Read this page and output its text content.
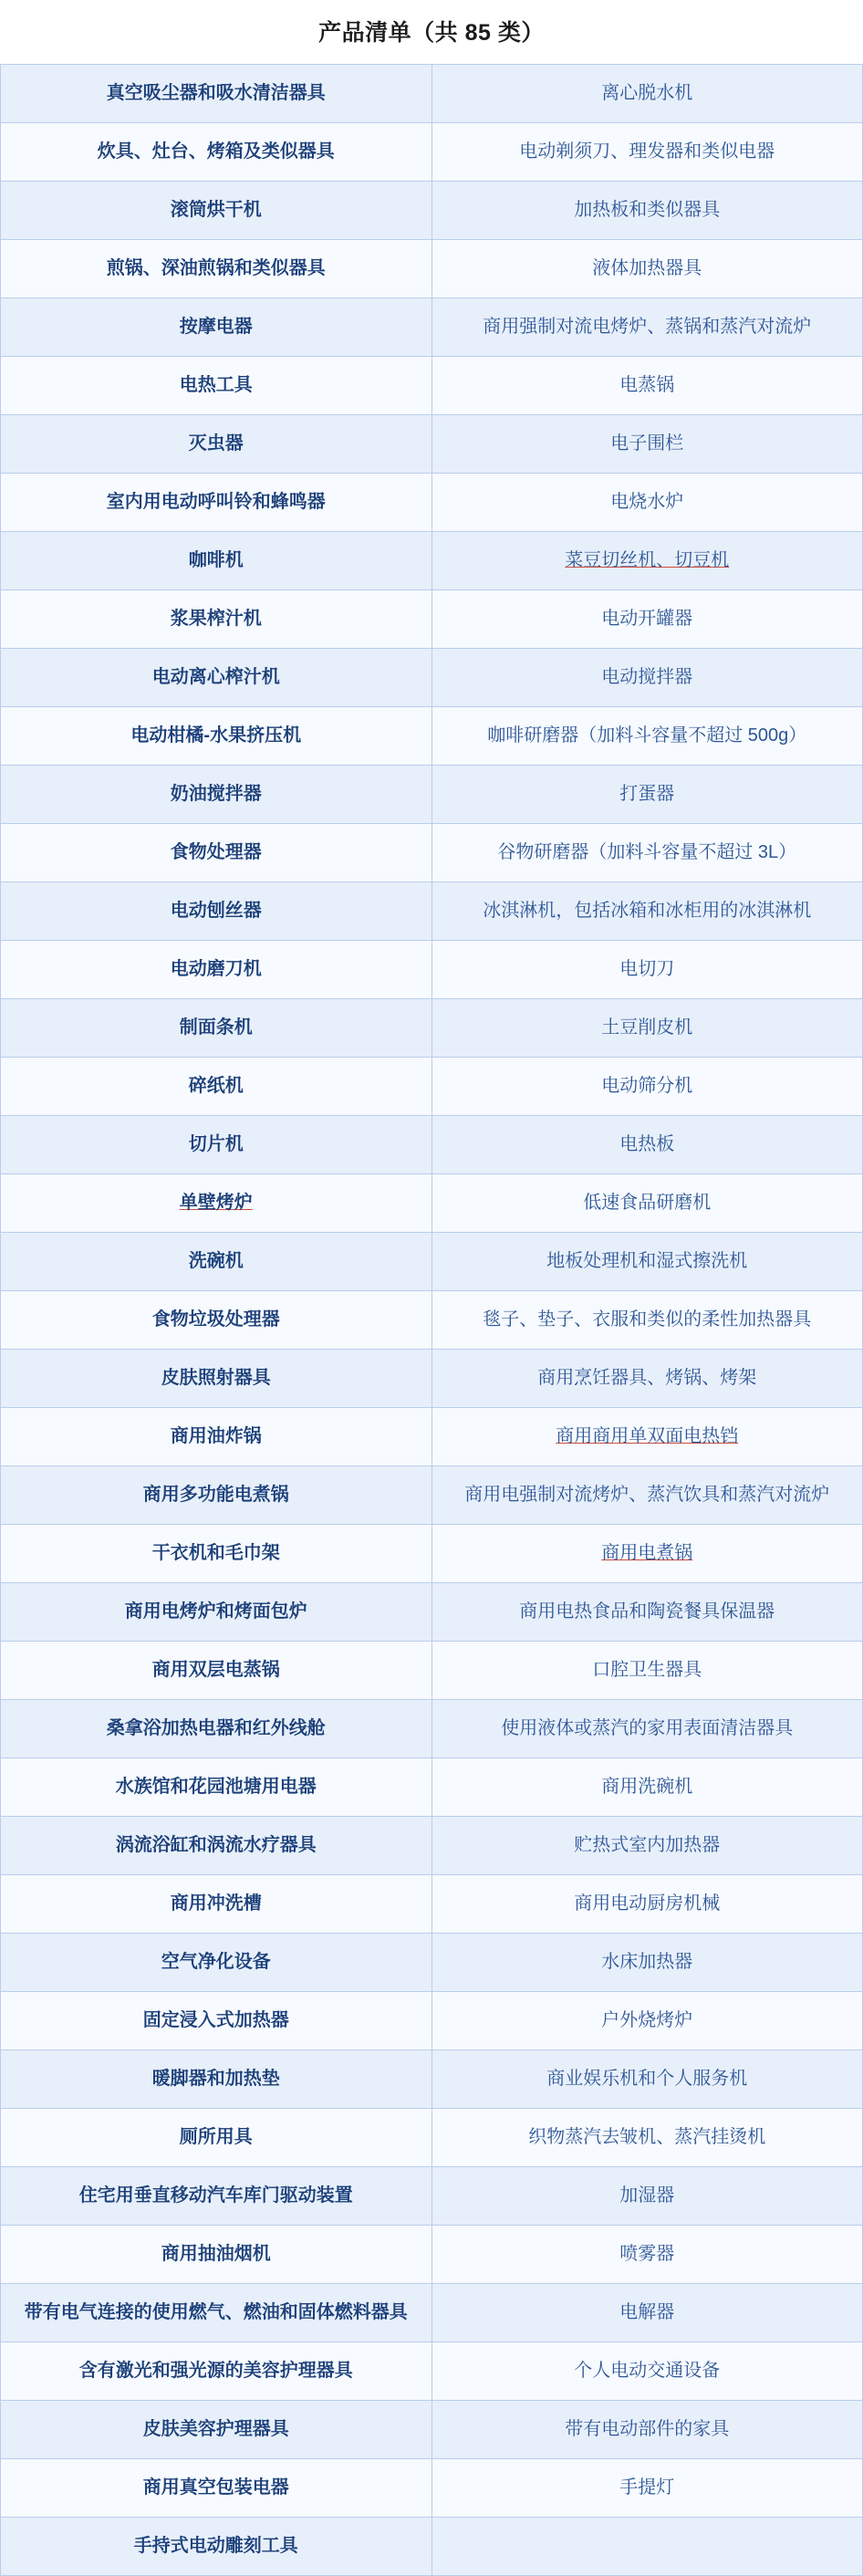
产品清单（共 85 类）
真空吸尘器和吸水清洁器具	离心脱水机
炊具、灶台、烤箱及类似器具	电动剃须刀、理发器和类似电器
滚筒烘干机	加热板和类似器具
煎锅、深油煎锅和类似器具	液体加热器具
按摩电器	商用强制对流电烤炉、蒸锅和蒸汽对流炉
电热工具	电蒸锅
灭虫器	电子围栏
室内用电动呼叫铃和蜂鸣器	电烧水炉
咖啡机	菜豆切丝机、切豆机
浆果榨汁机	电动开罐器
电动离心榨汁机	电动搅拌器
电动柑橘-水果挤压机	咖啡研磨器（加料斗容量不超过 500g）
奶油搅拌器	打蛋器
食物处理器	谷物研磨器（加料斗容量不超过 3L）
电动刨丝器	冰淇淋机，包括冰箱和冰柜用的冰淇淋机
电动磨刀机	电切刀
制面条机	土豆削皮机
碎纸机	电动筛分机
切片机	电热板
单壁烤炉	低速食品研磨机
洗碗机	地板处理机和湿式擦洗机
食物垃圾处理器	毯子、垫子、衣服和类似的柔性加热器具
皮肤照射器具	商用烹饪器具、烤锅、烤架
商用油炸锅	商用商用单双面电热铛
商用多功能电煮锅	商用电强制对流烤炉、蒸汽饮具和蒸汽对流炉
干衣机和毛巾架	商用电煮锅
商用电烤炉和烤面包炉	商用电热食品和陶瓷餐具保温器
商用双层电蒸锅	口腔卫生器具
桑拿浴加热电器和红外线舱	使用液体或蒸汽的家用表面清洁器具
水族馆和花园池塘用电器	商用洗碗机
涡流浴缸和涡流水疗器具	贮热式室内加热器
商用冲洗槽	商用电动厨房机械
空气净化设备	水床加热器
固定浸入式加热器	户外烧烤炉
暖脚器和加热垫	商业娱乐机和个人服务机
厕所用具	织物蒸汽去皱机、蒸汽挂烫机
住宅用垂直移动汽车库门驱动装置	加湿器
商用抽油烟机	喷雾器
带有电气连接的使用燃气、燃油和固体燃料器具	电解器
含有激光和强光源的美容护理器具	个人电动交通设备
皮肤美容护理器具	带有电动部件的家具
商用真空包装电器	手提灯
手持式电动雕刻工具	
